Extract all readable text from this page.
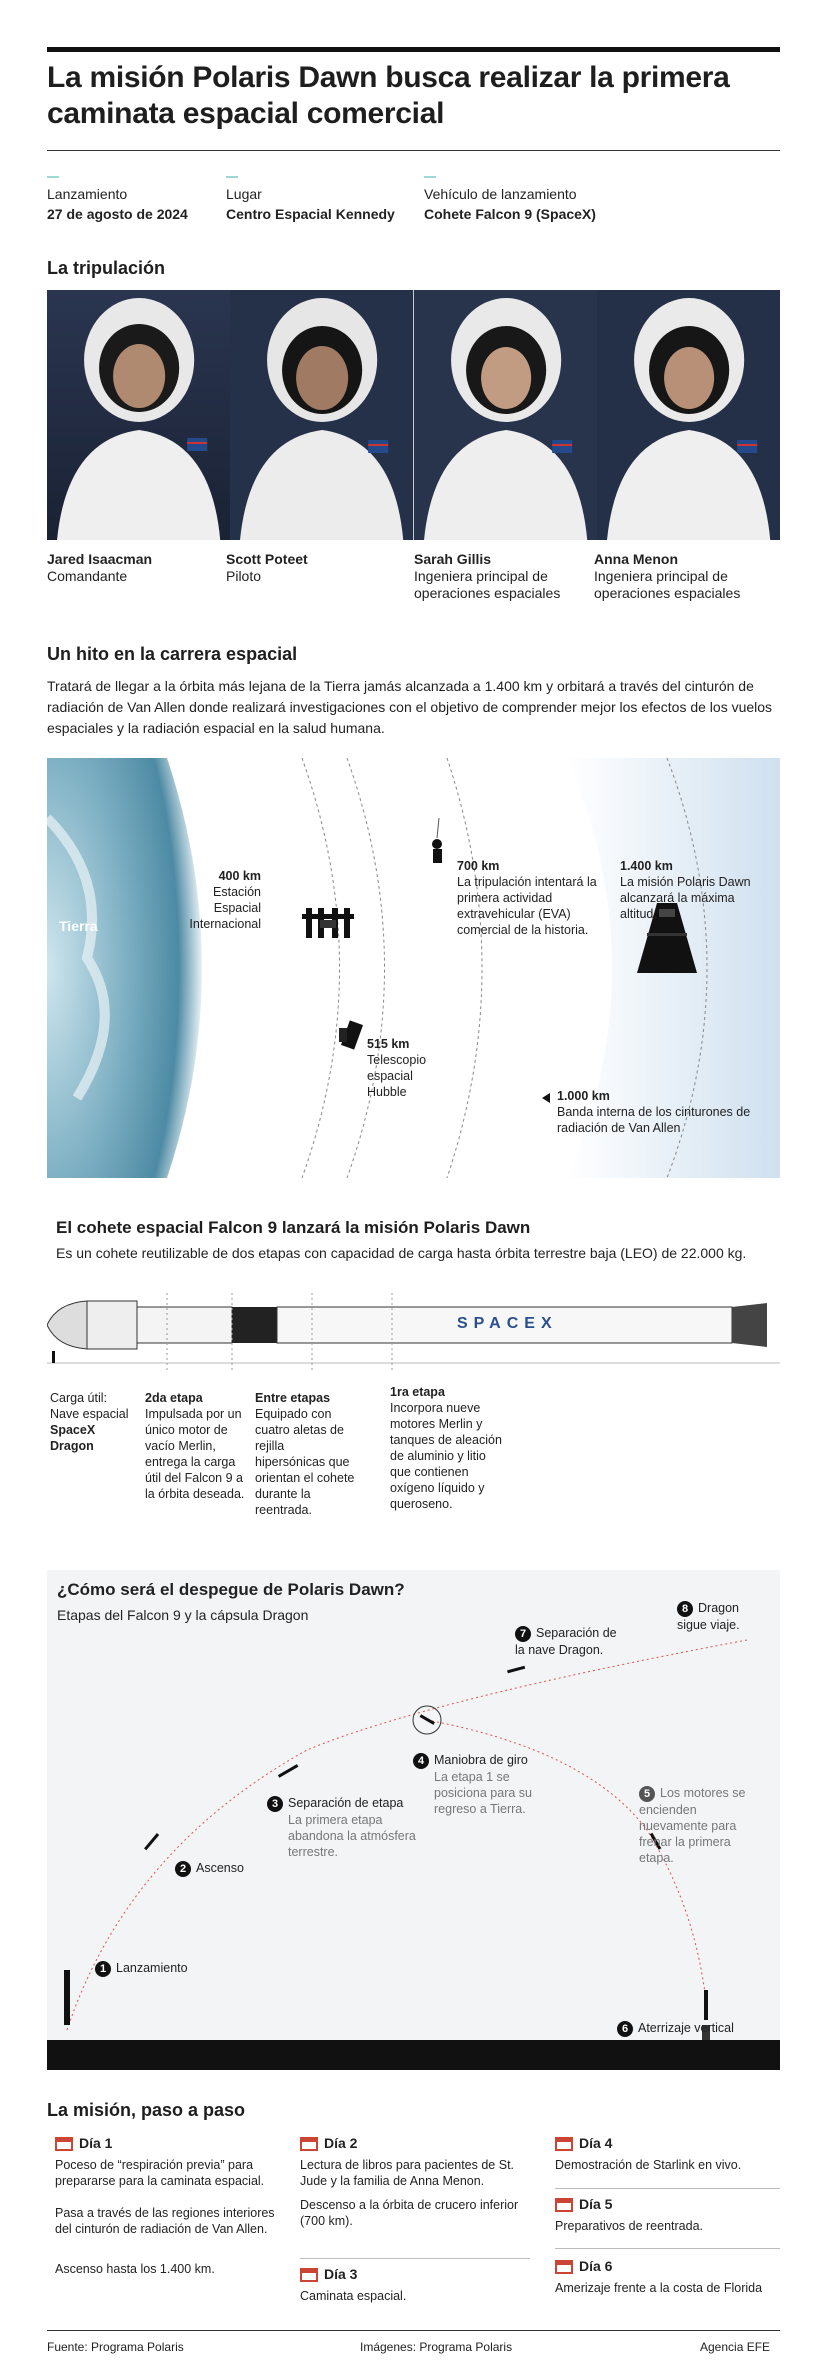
La misión Polaris Dawn busca realizar la primera caminata espacial comercial
Lanzamiento
27 de agosto de 2024
Lugar
Centro Espacial Kennedy
Vehículo de lanzamiento
Cohete Falcon 9 (SpaceX)
La tripulación
Jared Isaacman
Comandante
Scott Poteet
Piloto
Sarah Gillis
Ingeniera principal de operaciones espaciales
Anna Menon
Ingeniera principal de operaciones espaciales
Un hito en la carrera espacial
Tratará de llegar a la órbita más lejana de la Tierra jamás alcanzada a 1.400 km y orbitará a través del cinturón de radiación de Van Allen donde realizará investigaciones con el objetivo de comprender mejor los efectos de los vuelos espaciales y la radiación espacial en la salud humana.
Tierra
400 km
Estación Espacial Internacional
515 km
Telescopio espacial Hubble
700 km
La tripulación intentará la primera actividad extravehicular (EVA) comercial de la historia.
1.400 km
La misión Polaris Dawn alcanzará la máxima altitud.
1.000 km
Banda interna de los cinturones de radiación de Van Allen
El cohete espacial Falcon 9 lanzará la misión Polaris Dawn
Es un cohete reutilizable de dos etapas con capacidad de carga hasta órbita terrestre baja (LEO) de 22.000 kg.
SPACEX
Carga útil: Nave espacial SpaceX Dragon
2da etapa
Impulsada por un único motor de vacío Merlin, entrega la carga útil del Falcon 9 a la órbita deseada.
Entre etapas
Equipado con cuatro aletas de rejilla hipersónicas que orientan el cohete durante la reentrada.
1ra etapa
Incorpora nueve motores Merlin y tanques de aleación de aluminio y litio que contienen oxígeno líquido y queroseno.
¿Cómo será el despegue de Polaris Dawn?
Etapas del Falcon 9 y la cápsula Dragon
1 Lanzamiento
2 Ascenso
3 Separación de etapa
La primera etapa abandona la atmósfera terrestre.
4 Maniobra de giro
La etapa 1 se posiciona para su regreso a Tierra.
5 Los motores se encienden nuevamente para frenar la primera etapa.
6 Aterrizaje vertical
7 Separación de la nave Dragon.
8 Dragon sigue viaje.
La misión, paso a paso
Día 1
Poceso de “respiración previa” para prepararse para la caminata espacial.
Pasa a través de las regiones interiores del cinturón de radiación de Van Allen.
Ascenso hasta los 1.400 km.
Día 2
Lectura de libros para pacientes de St. Jude y la familia de Anna Menon.
Descenso a la órbita de crucero inferior (700 km).
Día 3
Caminata espacial.
Día 4
Demostración de Starlink en vivo.
Día 5
Preparativos de reentrada.
Día 6
Amerizaje frente a la costa de Florida
Fuente: Programa Polaris	Imágenes: Programa Polaris	Agencia EFE
